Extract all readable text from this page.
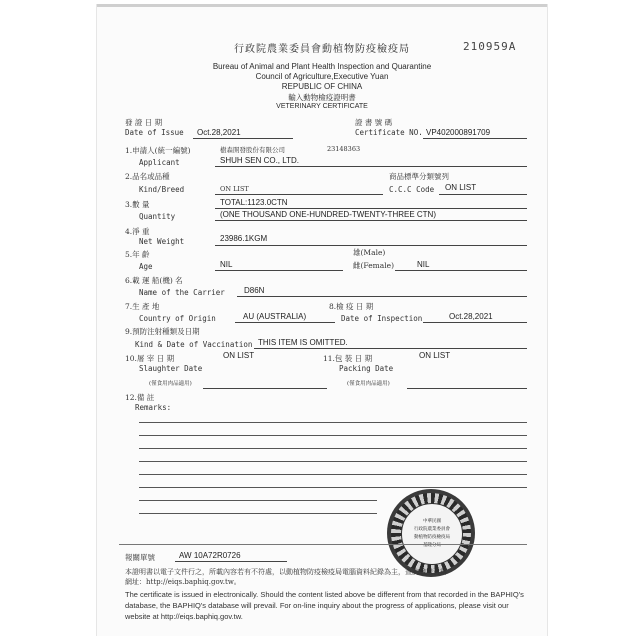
行政院農業委員會動植物防疫檢疫局	210959A
Bureau of Animal and Plant Health Inspection and Quarantine
Council of Agriculture,Executive Yuan
REPUBLIC OF CHINA
輸入動物檢疫證明書
VETERINARY CERTIFICATE
發 證 日 期
Date of Issue Oct.28,2021
證 書 號 碼
Certificate NO. VP402000891709
1.申請人(統一編號)	樹森開發股份有限公司	23148363
Applicant	SHUH SEN CO., LTD.
2.品名或品種	商品標準分類號列
Kind/Breed	ON LIST	C.C.C Code ON LIST
3.數 量	TOTAL:1123.0CTN
Quantity	(ONE THOUSAND ONE-HUNDRED-TWENTY-THREE CTN)
4.淨 重
Net Weight	23986.1KGM
5.年 齡	雄(Male)
Age	NIL	雌(Female)	NIL
6.載 運 船(機) 名
Name of the Carrier D86N
7.生 產 地	8.檢 疫 日 期
Country of Origin	AU (AUSTRALIA)	Date of Inspection	Oct.28,2021
9.預防注射種類及日期
Kind & Date of Vaccination THIS ITEM IS OMITTED.
10.屠 宰 日 期	ON LIST	11.包 裝 日 期	ON LIST
Slaughter Date	Packing Date
(僅食用肉品適用)	(僅食用肉品適用)
12.備 註
Remarks:
中華民國
行政院農業委員會
動植物防疫檢疫局
基隆分局
報關單號	AW 10A72R0726
本證明書以電子文件行之，所載內容若有不符處，以動植物防疫檢疫局電腦資料紀錄為主，查詢驗證資料
網址：http://eiqs.baphiq.gov.tw。
The certificate is issued in electronically. Should the content listed above be different from that recorded in the BAPHIQ's database, the BAPHIQ's database will prevail. For on-line inquiry about the progress of applications, please visit our website at http://eiqs.baphiq.gov.tw.
